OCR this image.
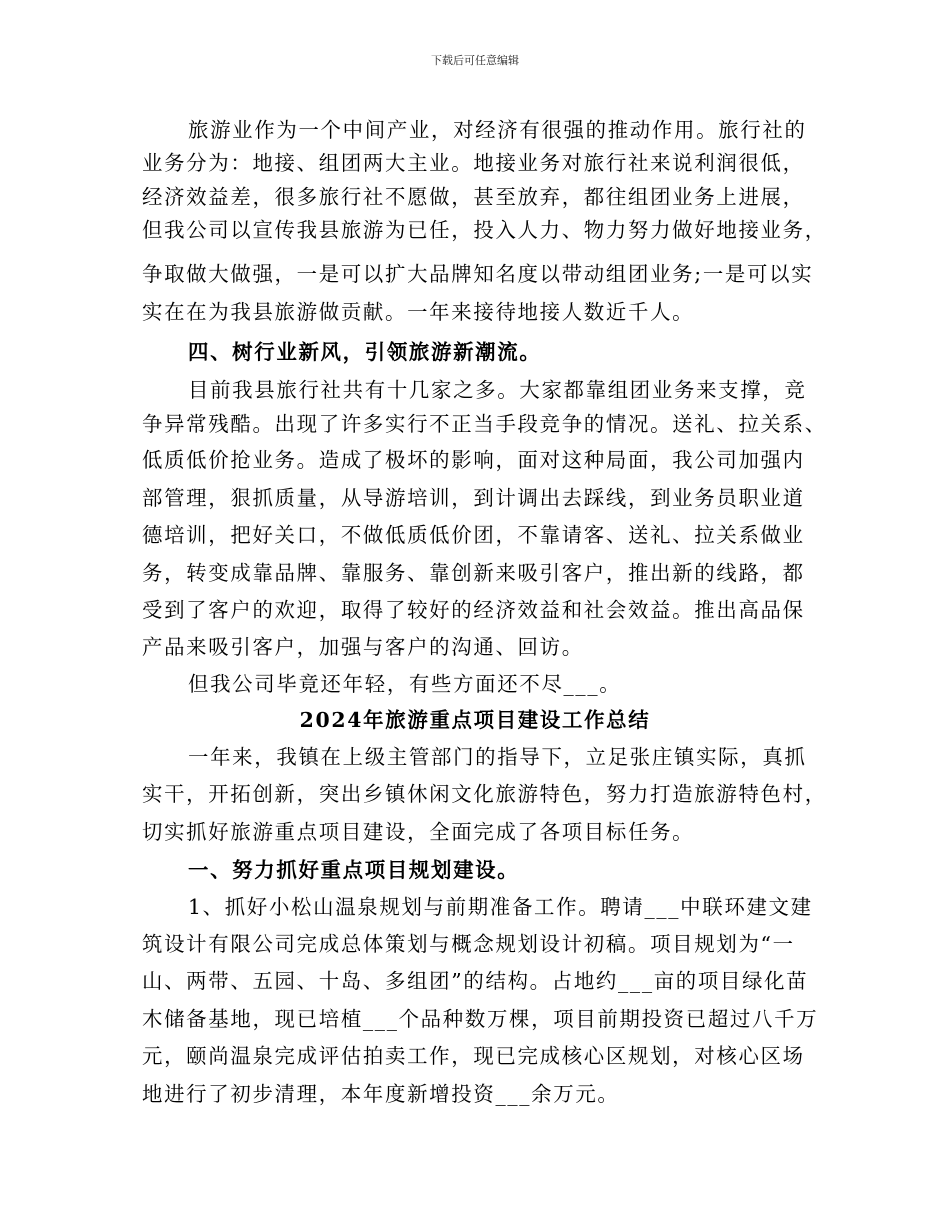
下载后可任意编辑
旅游业作为一个中间产业，对经济有很强的推动作用。旅行社的
业务分为：地接、组团两大主业。地接业务对旅行社来说利润很低，
经济效益差，很多旅行社不愿做，甚至放弃，都往组团业务上进展，
但我公司以宣传我县旅游为已任，投入人力、物力努力做好地接业务，
争取做大做强，一是可以扩大品牌知名度以带动组团业务;一是可以实
实在在为我县旅游做贡献。一年来接待地接人数近千人。
四、树行业新风，引领旅游新潮流。
目前我县旅行社共有十几家之多。大家都靠组团业务来支撑，竞
争异常残酷。出现了许多实行不正当手段竞争的情况。送礼、拉关系、
低质低价抢业务。造成了极坏的影响，面对这种局面，我公司加强内
部管理，狠抓质量，从导游培训，到计调出去踩线，到业务员职业道
德培训，把好关口，不做低质低价团，不靠请客、送礼、拉关系做业
务，转变成靠品牌、靠服务、靠创新来吸引客户，推出新的线路，都
受到了客户的欢迎，取得了较好的经济效益和社会效益。推出高品保
产品来吸引客户，加强与客户的沟通、回访。
但我公司毕竟还年轻，有些方面还不尽___。
2024年旅游重点项目建设工作总结
一年来，我镇在上级主管部门的指导下，立足张庄镇实际，真抓
实干，开拓创新，突出乡镇休闲文化旅游特色，努力打造旅游特色村，
切实抓好旅游重点项目建设，全面完成了各项目标任务。
一、努力抓好重点项目规划建设。
1、抓好小松山温泉规划与前期准备工作。聘请___中联环建文建
筑设计有限公司完成总体策划与概念规划设计初稿。项目规划为“一
山、两带、五园、十岛、多组团”的结构。占地约___亩的项目绿化苗
木储备基地，现已培植___个品种数万棵，项目前期投资已超过八千万
元，颐尚温泉完成评估拍卖工作，现已完成核心区规划，对核心区场
地进行了初步清理，本年度新增投资___余万元。
